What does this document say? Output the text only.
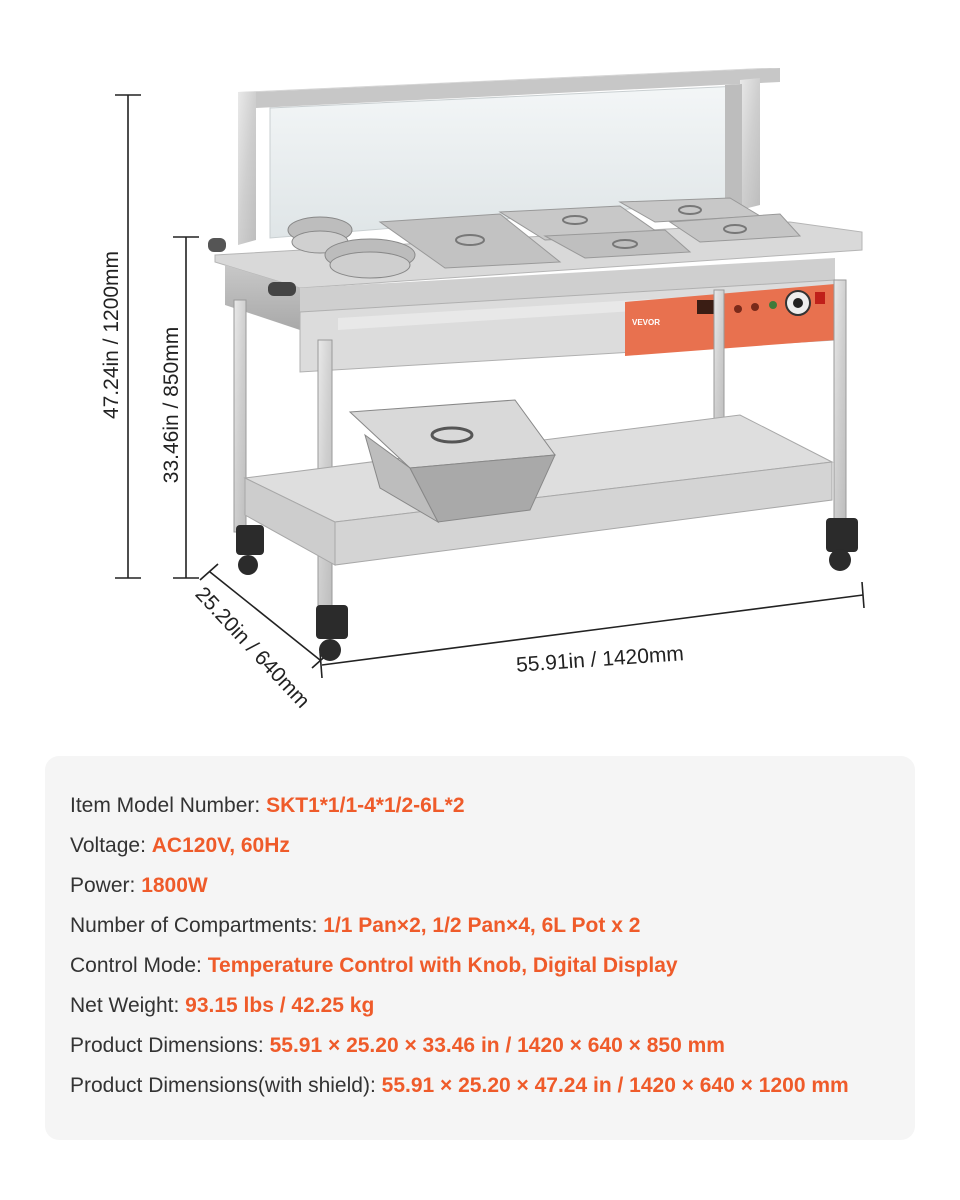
VEVOR
47.24in / 1200mm 33.46in / 850mm
25.20in / 640mm	55.91in / 1420mm
Item Model Number: SKT1*1/1-4*1/2-6L*2
Voltage: AC120V, 60Hz
Power: 1800W
Number of Compartments: 1/1 Pan×2, 1/2 Pan×4, 6L Pot x 2
Control Mode: Temperature Control with Knob, Digital Display
Net Weight: 93.15 lbs / 42.25 kg
Product Dimensions: 55.91 × 25.20 × 33.46 in / 1420 × 640 × 850 mm
Product Dimensions(with shield): 55.91 × 25.20 × 47.24 in / 1420 × 640 × 1200 mm
